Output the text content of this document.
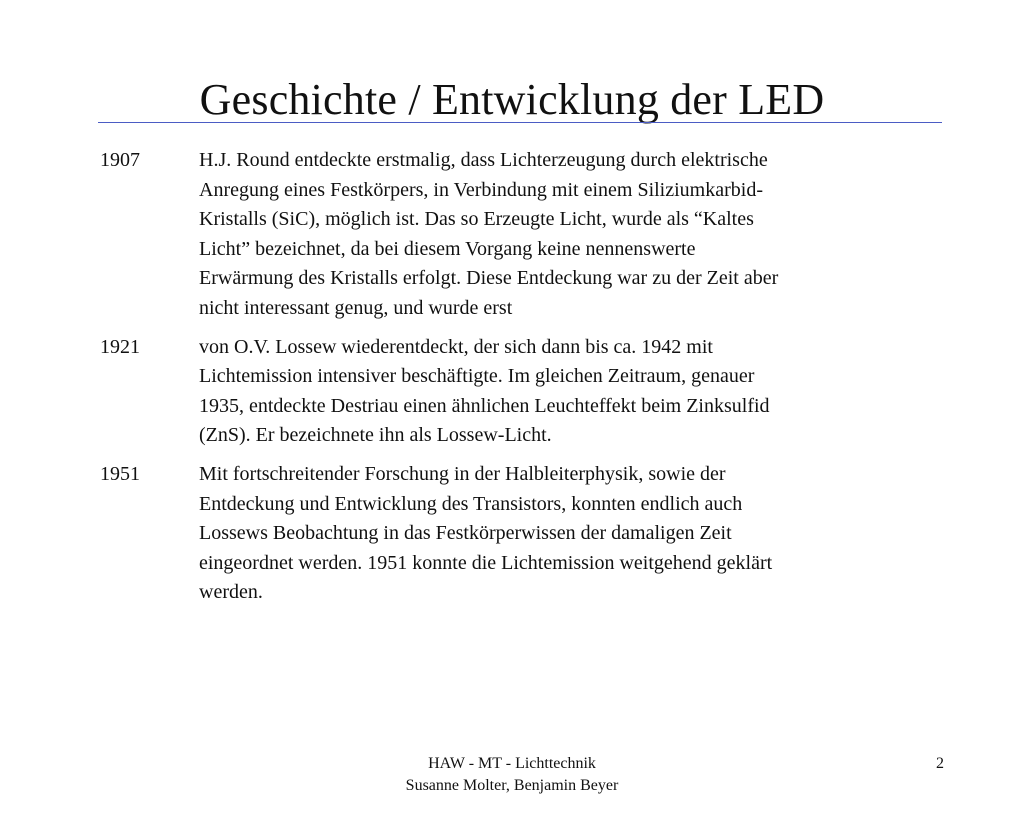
Geschichte / Entwicklung der LED
1907	H.J. Round entdeckte erstmalig, dass Lichterzeugung durch elektrische
Anregung eines Festkörpers, in Verbindung mit einem Siliziumkarbid-
Kristalls (SiC), möglich ist. Das so Erzeugte Licht, wurde als “Kaltes
Licht” bezeichnet, da bei diesem Vorgang keine nennenswerte
Erwärmung des Kristalls erfolgt. Diese Entdeckung war zu der Zeit aber
nicht interessant genug, und wurde erst
1921	von O.V. Lossew wiederentdeckt, der sich dann bis ca. 1942 mit
Lichtemission intensiver beschäftigte. Im gleichen Zeitraum, genauer
1935, entdeckte Destriau einen ähnlichen Leuchteffekt beim Zinksulfid
(ZnS). Er bezeichnete ihn als Lossew-Licht.
1951	Mit fortschreitender Forschung in der Halbleiterphysik, sowie der
Entdeckung und Entwicklung des Transistors, konnten endlich auch
Lossews Beobachtung in das Festkörperwissen der damaligen Zeit
eingeordnet werden. 1951 konnte die Lichtemission weitgehend geklärt
werden.
HAW - MT - Lichttechnik
Susanne Molter, Benjamin Beyer
2
